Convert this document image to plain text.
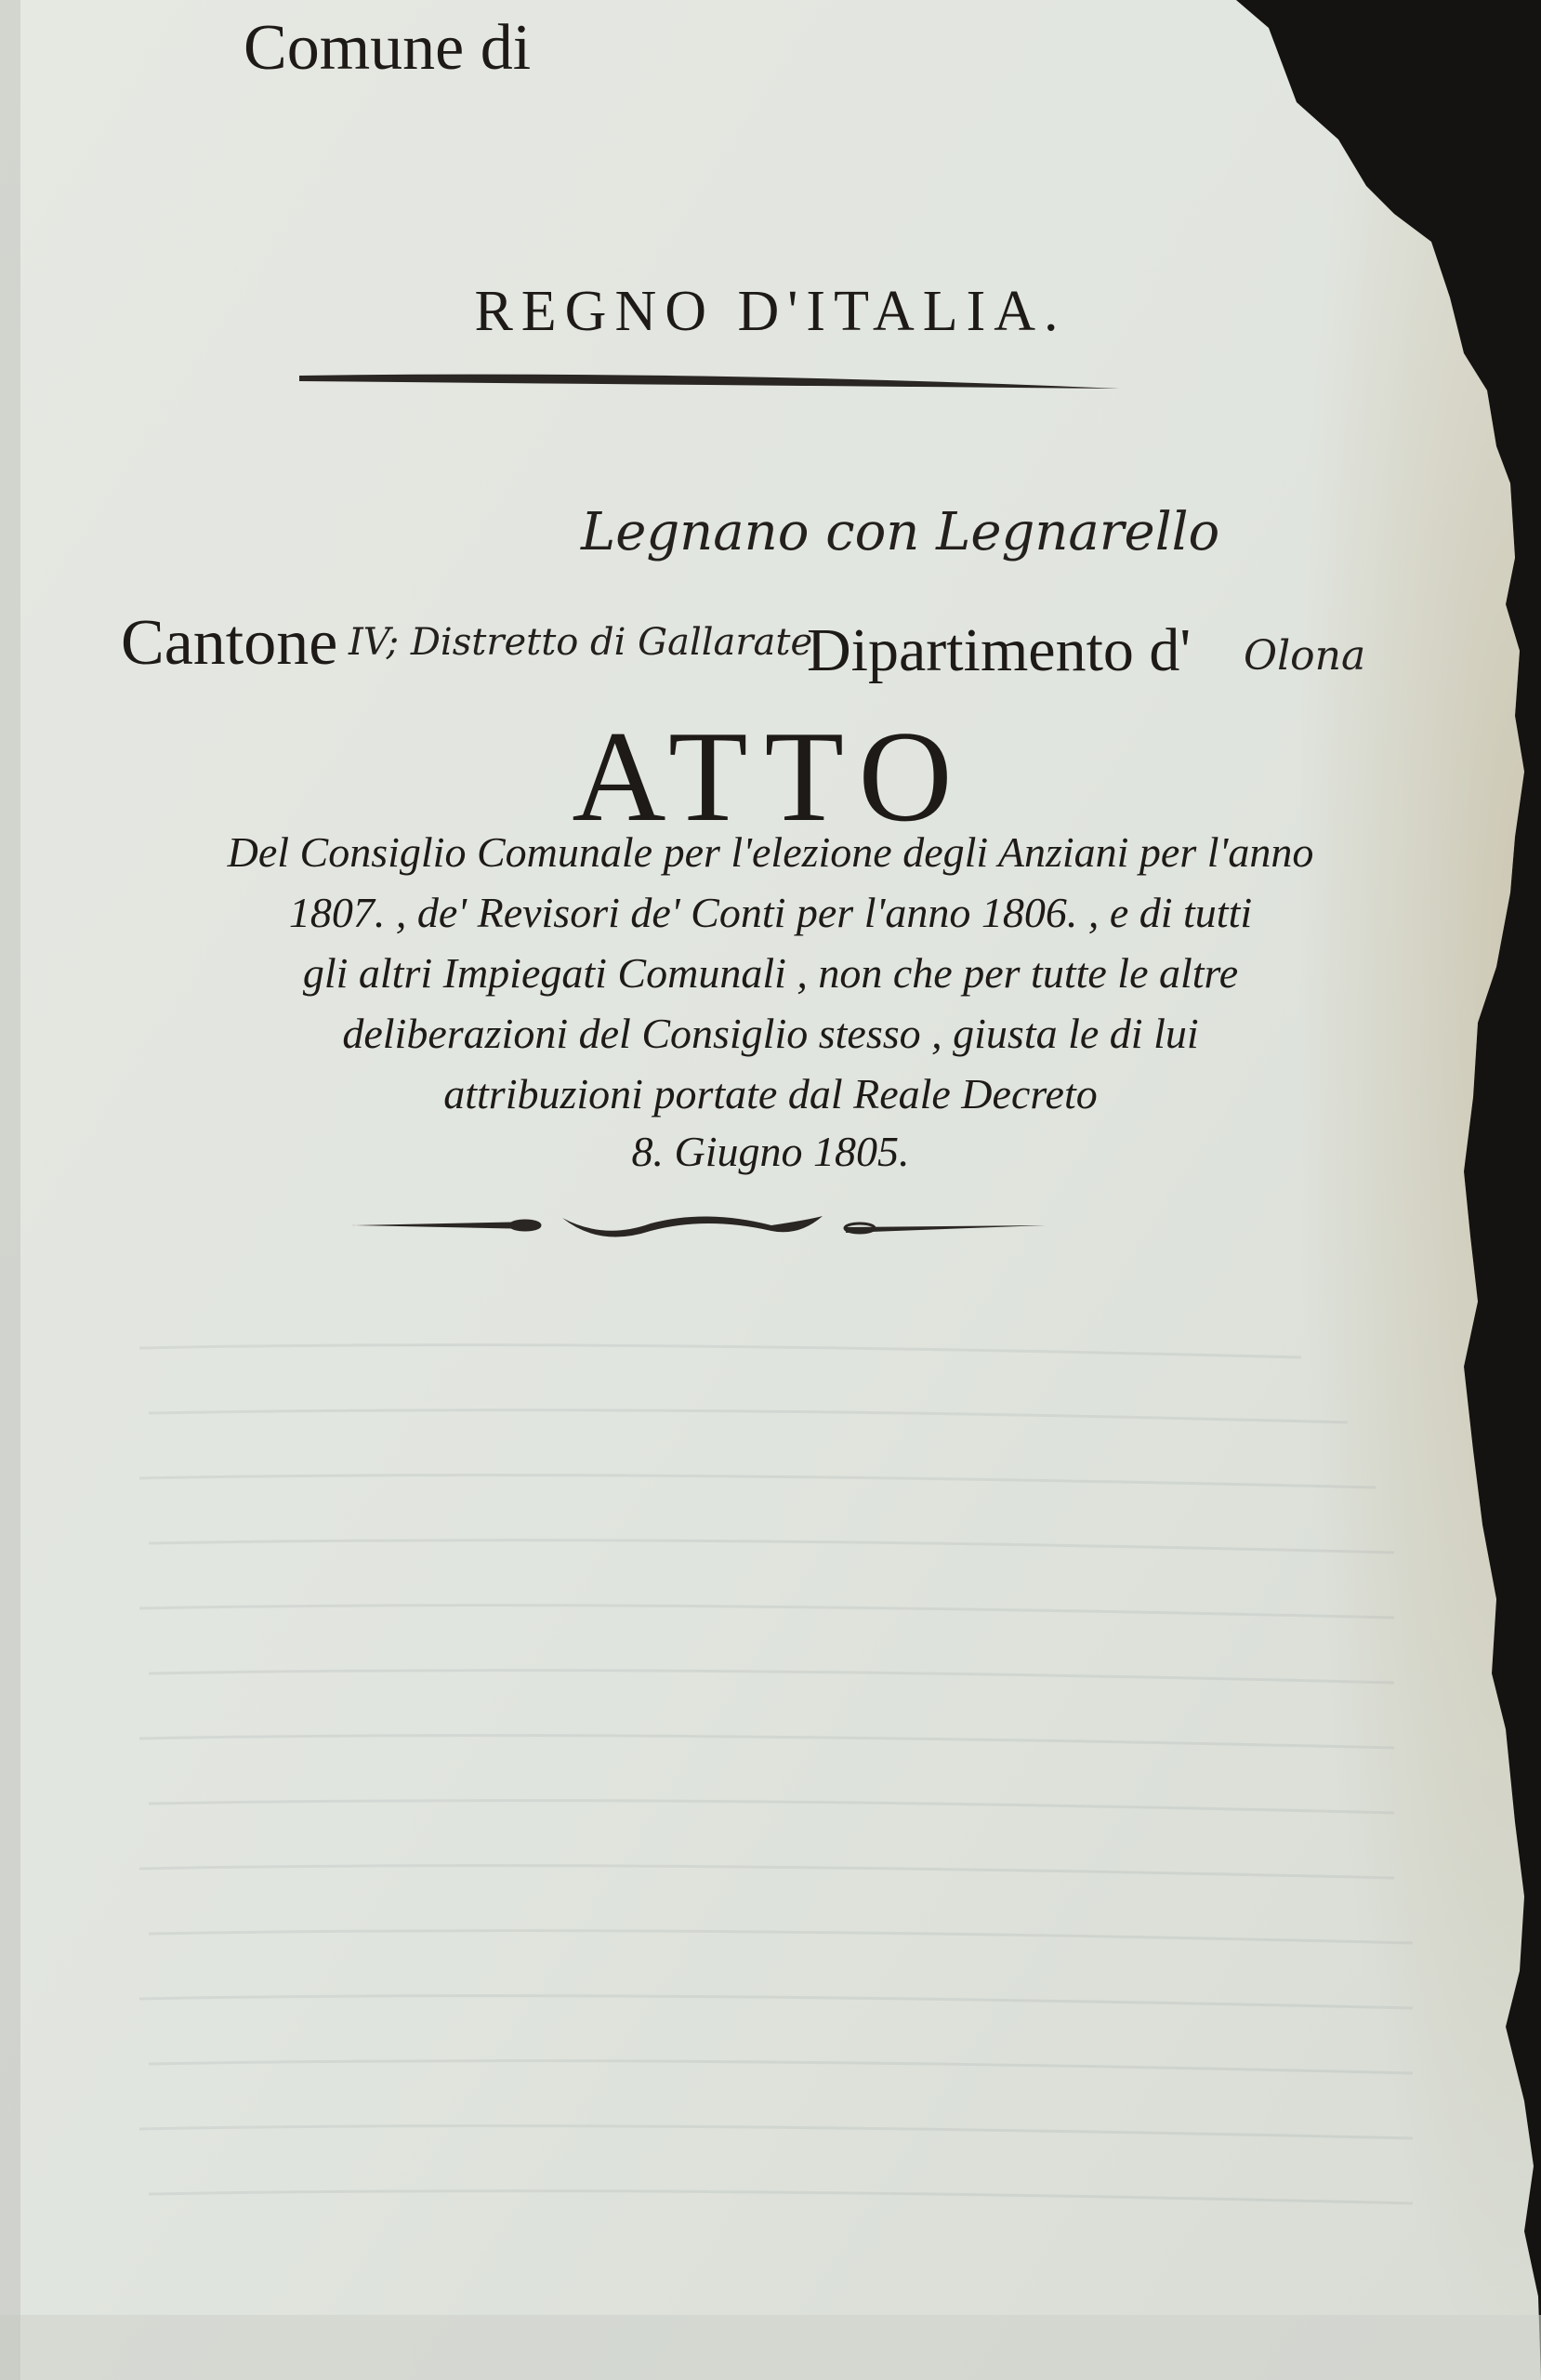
REGNO D'ITALIA.
Comune di
Legnano con Legnarello
Cantone IV; Distretto di Gallarate
Dipartimento d' Olona
ATTO
Del Consiglio Comunale per l'elezione degli Anziani per l'anno
1807. , de' Revisori de' Conti per l'anno 1806. , e di tutti
gli altri Impiegati Comunali , non che per tutte le altre
deliberazioni del Consiglio stesso , giusta le di lui
attribuzioni portate dal Reale Decreto
8. Giugno 1805.
